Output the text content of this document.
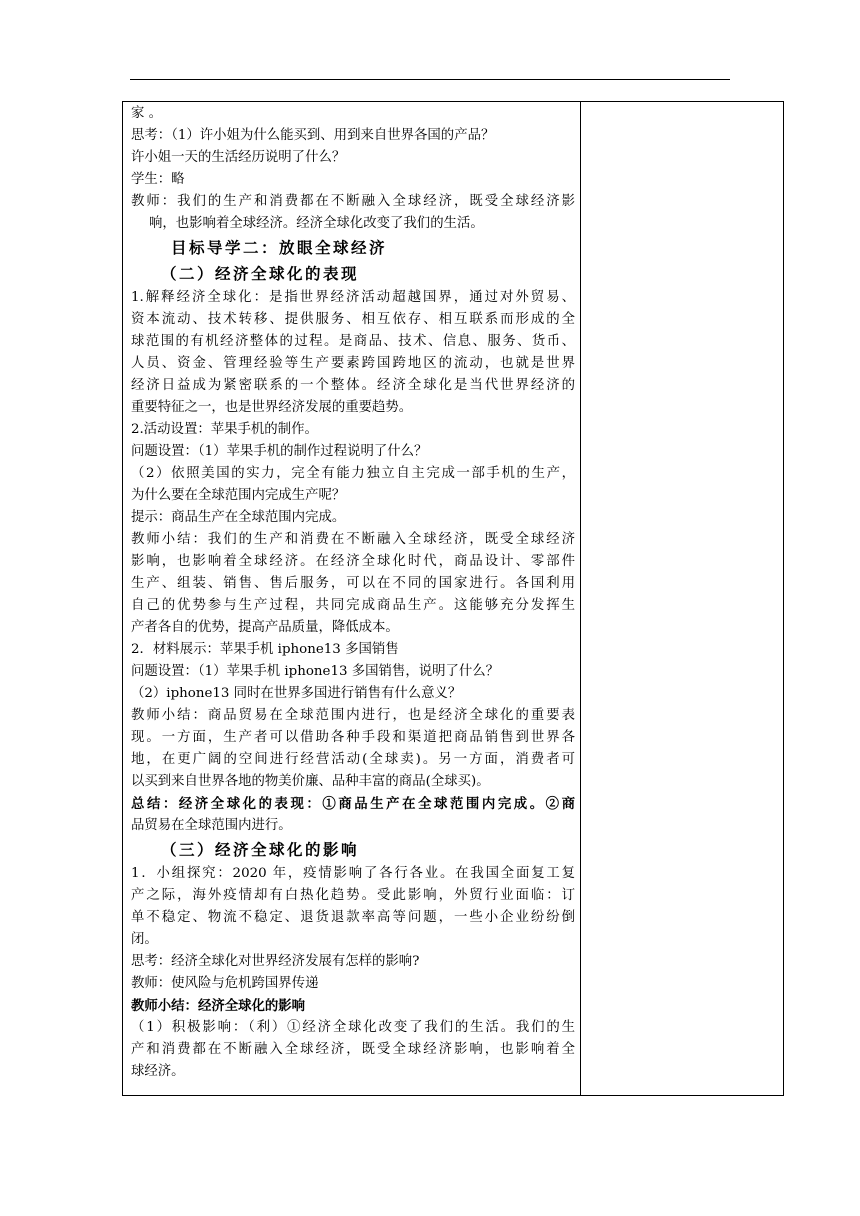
家 。
思考：（1）许小姐为什么能买到、用到来自世界各国的产品？
许小姐一天的生活经历说明了什么？
学生：略
教师：我们的生产和消费都在不断融入全球经济，既受全球经济影
响，也影响着全球经济。经济全球化改变了我们的生活。
目标导学二：放眼全球经济
（二）经济全球化的表现
1.解释经济全球化：是指世界经济活动超越国界，通过对外贸易、
资本流动、技术转移、提供服务、相互依存、相互联系而形成的全
球范围的有机经济整体的过程。是商品、技术、信息、服务、货币、
人员、资金、管理经验等生产要素跨国跨地区的流动，也就是世界
经济日益成为紧密联系的一个整体。经济全球化是当代世界经济的
重要特征之一，也是世界经济发展的重要趋势。
2.活动设置：苹果手机的制作。
问题设置：（1）苹果手机的制作过程说明了什么？
（2）依照美国的实力，完全有能力独立自主完成一部手机的生产，
为什么要在全球范围内完成生产呢？
提示：商品生产在全球范围内完成。
教师小结：我们的生产和消费在不断融入全球经济，既受全球经济
影响，也影响着全球经济。在经济全球化时代，商品设计、零部件
生产、组装、销售、售后服务，可以在不同的国家进行。各国利用
自己的优势参与生产过程，共同完成商品生产。这能够充分发挥生
产者各自的优势，提高产品质量，降低成本。
2．材料展示：苹果手机 iphone13 多国销售
问题设置：（1）苹果手机 iphone13 多国销售，说明了什么？
（2）iphone13 同时在世界多国进行销售有什么意义？
教师小结：商品贸易在全球范围内进行，也是经济全球化的重要表
现。一方面，生产者可以借助各种手段和渠道把商品销售到世界各
地，在更广阔的空间进行经营活动(全球卖)。另一方面，消费者可
以买到来自世界各地的物美价廉、品种丰富的商品(全球买)。
总结：经济全球化的表现：①商品生产在全球范围内完成。②商
品贸易在全球范围内进行。
（三）经济全球化的影响
1．小组探究：2020 年，疫情影响了各行各业。在我国全面复工复
产之际，海外疫情却有白热化趋势。受此影响，外贸行业面临：订
单不稳定、物流不稳定、退货退款率高等问题，一些小企业纷纷倒
闭。
思考：经济全球化对世界经济发展有怎样的影响?
教师：使风险与危机跨国界传递
教师小结：经济全球化的影响
（1）积极影响：（利）①经济全球化改变了我们的生活。我们的生
产和消费都在不断融入全球经济，既受全球经济影响，也影响着全
球经济。
